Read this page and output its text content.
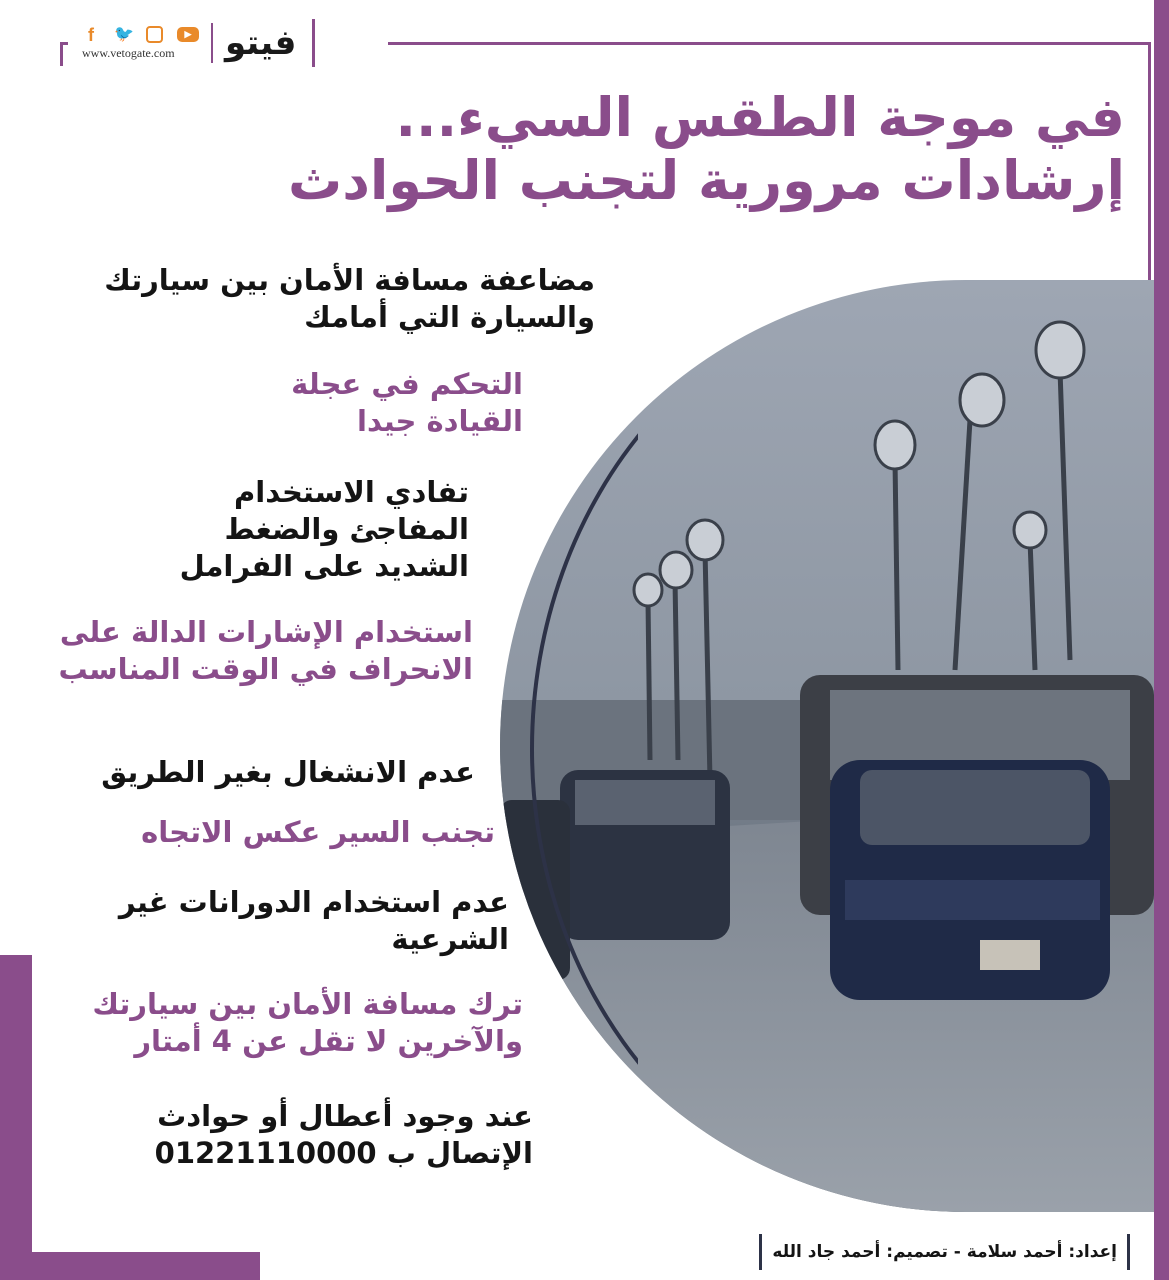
f	🐦	▶
www.vetogate.com فيتو
في موجة الطقس السيء...
إرشادات مرورية لتجنب الحوادث
مضاعفة مسافة الأمان بين سيارتك والسيارة التي أمامك
التحكم في عجلة القيادة جيدا
تفادي الاستخدام المفاجئ والضغط الشديد على الفرامل
استخدام الإشارات الدالة على الانحراف في الوقت المناسب
عدم الانشغال بغير الطريق
تجنب السير عكس الاتجاه
عدم استخدام الدورانات غير الشرعية
ترك مسافة الأمان بين سيارتك والآخرين لا تقل عن 4 أمتار
عند وجود أعطال أو حوادث الإتصال ب 01221110000
إعداد: أحمد سلامة - تصميم: أحمد جاد الله
